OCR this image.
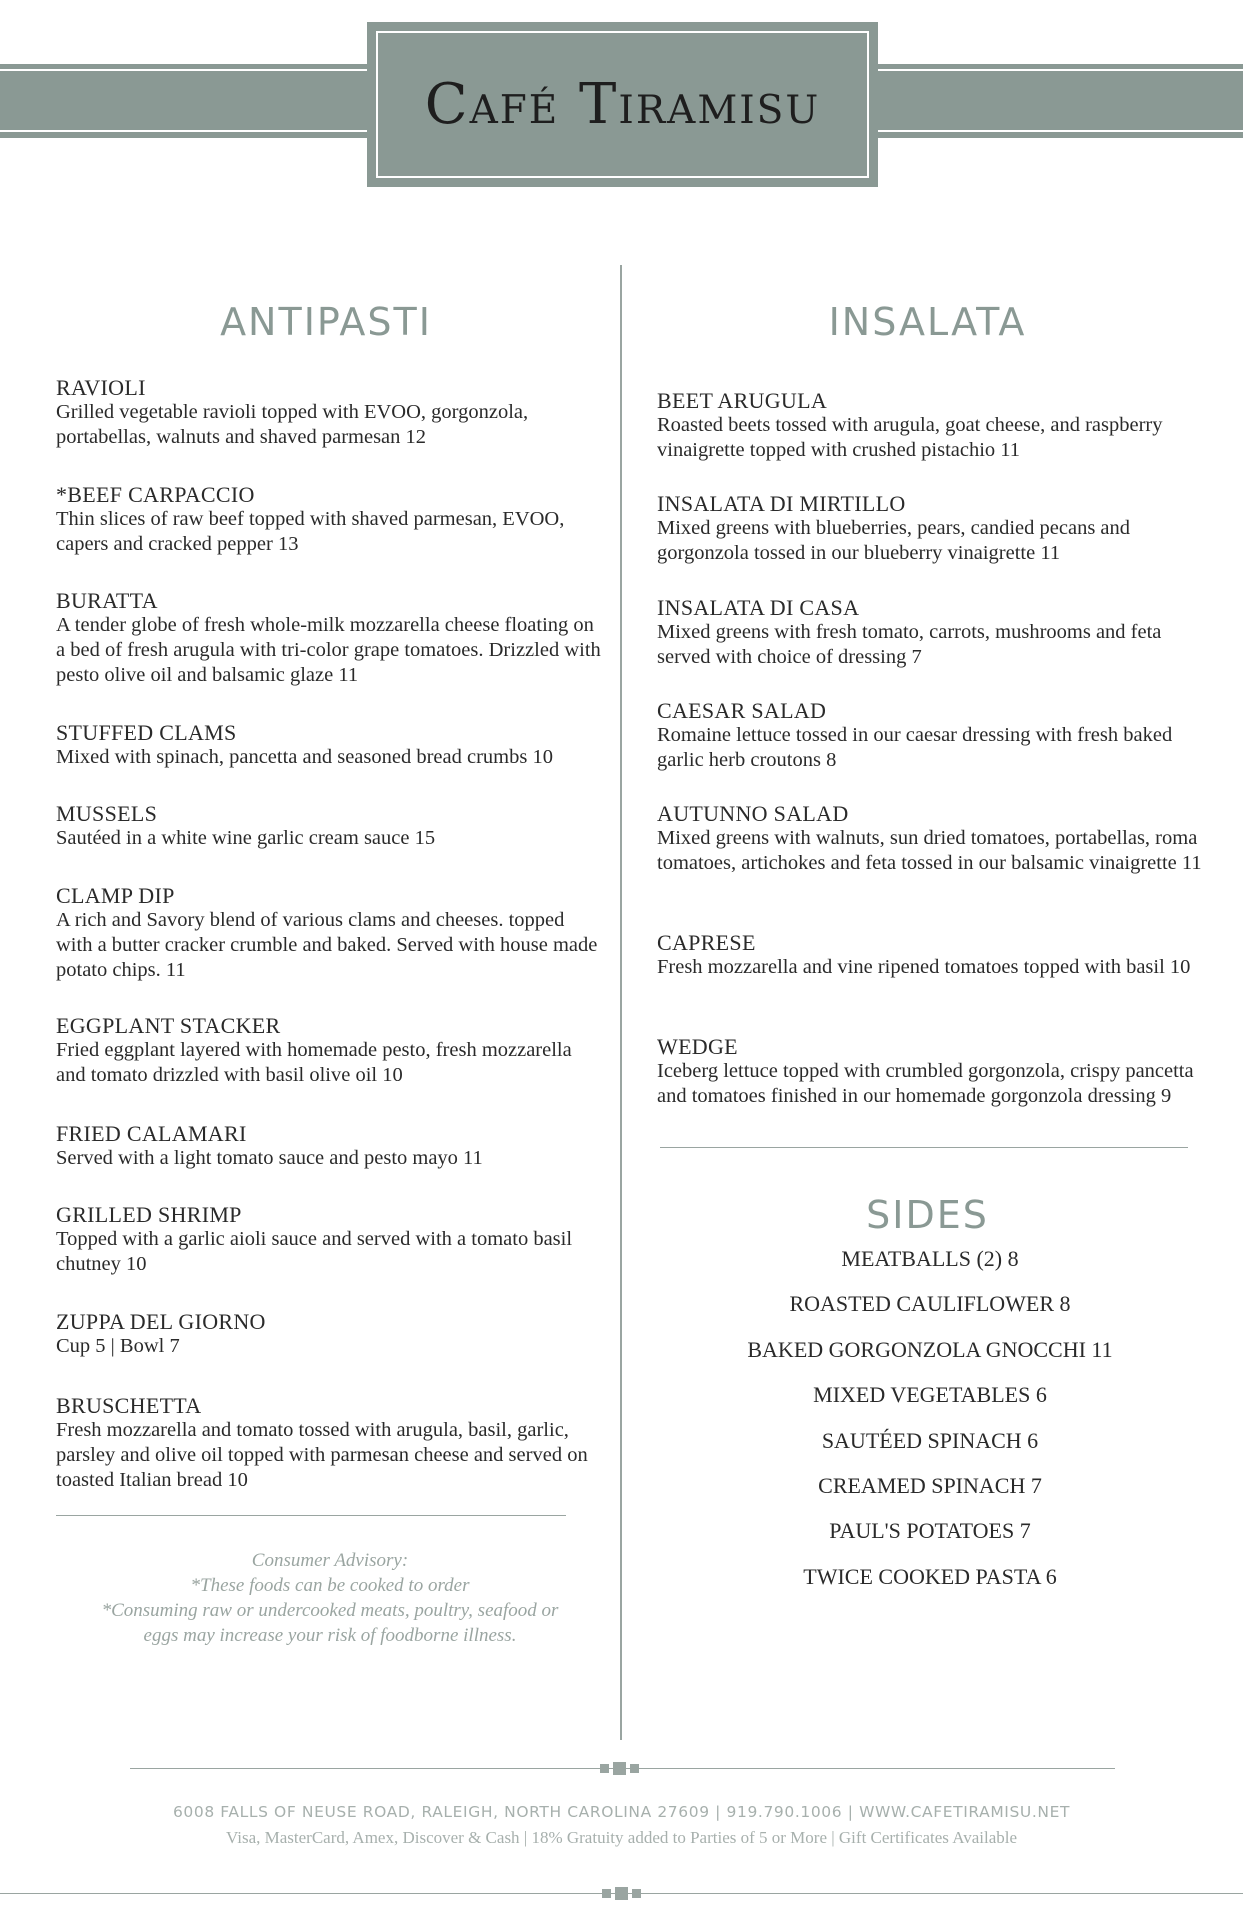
Café Tiramisu
ANTIPASTI
RAVIOLI
Grilled vegetable ravioli topped with EVOO, gorgonzola, portabellas, walnuts and shaved parmesan 12
*BEEF CARPACCIO
Thin slices of raw beef topped with shaved parmesan, EVOO, capers and cracked pepper 13
BURATTA
A tender globe of fresh whole-milk mozzarella cheese floating on a bed of fresh arugula with tri-color grape tomatoes. Drizzled with pesto olive oil and balsamic glaze 11
STUFFED CLAMS
Mixed with spinach, pancetta and seasoned bread crumbs 10
MUSSELS
Sautéed in a white wine garlic cream sauce 15
CLAMP DIP
A rich and Savory blend of various clams and cheeses. topped with a butter cracker crumble and baked. Served with house made potato chips. 11
EGGPLANT STACKER
Fried eggplant layered with homemade pesto, fresh mozzarella and tomato drizzled with basil olive oil 10
FRIED CALAMARI
Served with a light tomato sauce and pesto mayo 11
GRILLED SHRIMP
Topped with a garlic aioli sauce and served with a tomato basil chutney 10
ZUPPA DEL GIORNO
Cup 5 | Bowl 7
BRUSCHETTA
Fresh mozzarella and tomato tossed with arugula, basil, garlic, parsley and olive oil topped with parmesan cheese and served on toasted Italian bread 10
Consumer Advisory:
*These foods can be cooked to order
*Consuming raw or undercooked meats, poultry, seafood or
eggs may increase your risk of foodborne illness.
INSALATA
BEET ARUGULA
Roasted beets tossed with arugula, goat cheese, and raspberry vinaigrette topped with crushed pistachio 11
INSALATA DI MIRTILLO
Mixed greens with blueberries, pears, candied pecans and gorgonzola tossed in our blueberry vinaigrette 11
INSALATA DI CASA
Mixed greens with fresh tomato, carrots, mushrooms and feta served with choice of dressing 7
CAESAR SALAD
Romaine lettuce tossed in our caesar dressing with fresh baked garlic herb croutons 8
AUTUNNO SALAD
Mixed greens with walnuts, sun dried tomatoes, portabellas, roma tomatoes, artichokes and feta tossed in our balsamic vinaigrette 11
CAPRESE
Fresh mozzarella and vine ripened tomatoes topped with basil 10
WEDGE
Iceberg lettuce topped with crumbled gorgonzola, crispy pancetta and tomatoes finished in our homemade gorgonzola dressing 9
SIDES
MEATBALLS (2) 8
ROASTED CAULIFLOWER 8
BAKED GORGONZOLA GNOCCHI 11
MIXED VEGETABLES 6
SAUTÉED SPINACH 6
CREAMED SPINACH 7
PAUL'S POTATOES 7
TWICE COOKED PASTA 6
6008 FALLS OF NEUSE ROAD, RALEIGH, NORTH CAROLINA 27609 | 919.790.1006 | WWW.CAFETIRAMISU.NET
Visa, MasterCard, Amex, Discover & Cash | 18% Gratuity added to Parties of 5 or More | Gift Certificates Available
